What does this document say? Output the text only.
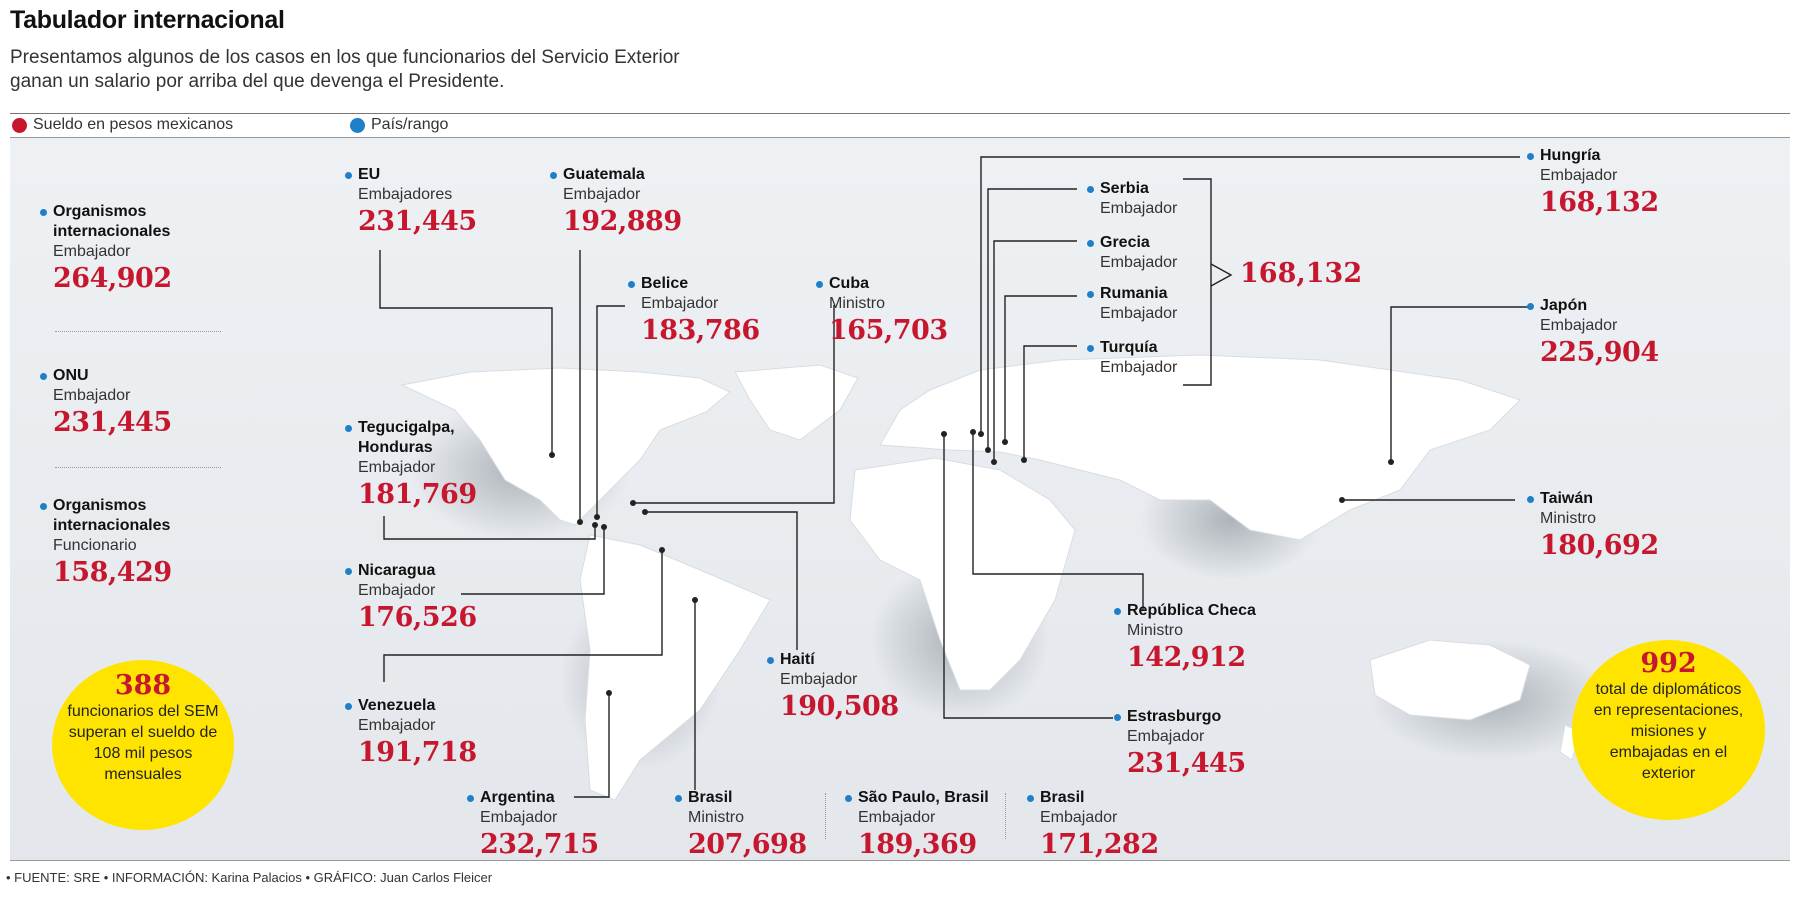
Tabulador internacional
Presentamos algunos de los casos en los que funcionarios del Servicio Exterior ganan un salario por arriba del que devenga el Presidente.
Sueldo en pesos mexicanos	País/rango
Organismos internacionales
Embajador
264,902
ONU
Embajador
231,445
Organismos internacionales
Funcionario
158,429
388
funcionarios del SEM superan el sueldo de 108 mil pesos mensuales
EU
Embajadores
231,445
Guatemala
Embajador
192,889
Belice
Embajador
183,786
Cuba
Ministro
165,703
Tegucigalpa, Honduras
Embajador
181,769
Nicaragua
Embajador
176,526
Haití
Embajador
190,508
Venezuela
Embajador
191,718
Argentina
Embajador
232,715
Brasil
Ministro
207,698
São Paulo, Brasil
Embajador
189,369
Brasil
Embajador
171,282
Serbia
Embajador
Grecia
Embajador
Rumania
Embajador
Turquía
Embajador
168,132
Hungría
Embajador
168,132
Japón
Embajador
225,904
Taiwán
Ministro
180,692
República Checa
Ministro
142,912
Estrasburgo
Embajador
231,445
992
total de diplomáticos en representaciones, misiones y embajadas en el exterior
• FUENTE: SRE • INFORMACIÓN: Karina Palacios • GRÁFICO: Juan Carlos Fleicer
